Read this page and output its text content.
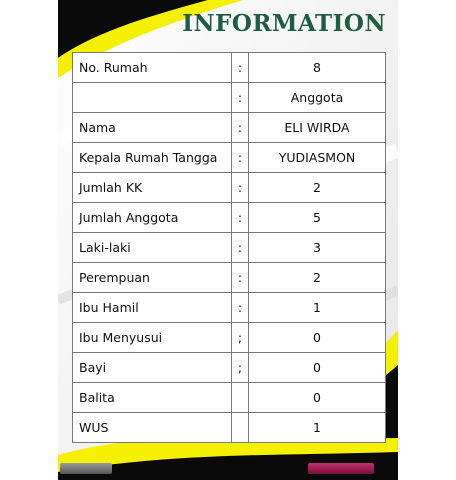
INFORMATION
No. Rumah	:	8
	:	Anggota
Nama	:	ELI WIRDA
Kepala Rumah Tangga	:	YUDIASMON
Jumlah KK	:	2
Jumlah Anggota	:	5
Laki-laki	:	3
Perempuan	:	2
Ibu Hamil	:	1
Ibu Menyusui	;	0
Bayi	;	0
Balita		0
WUS		1
